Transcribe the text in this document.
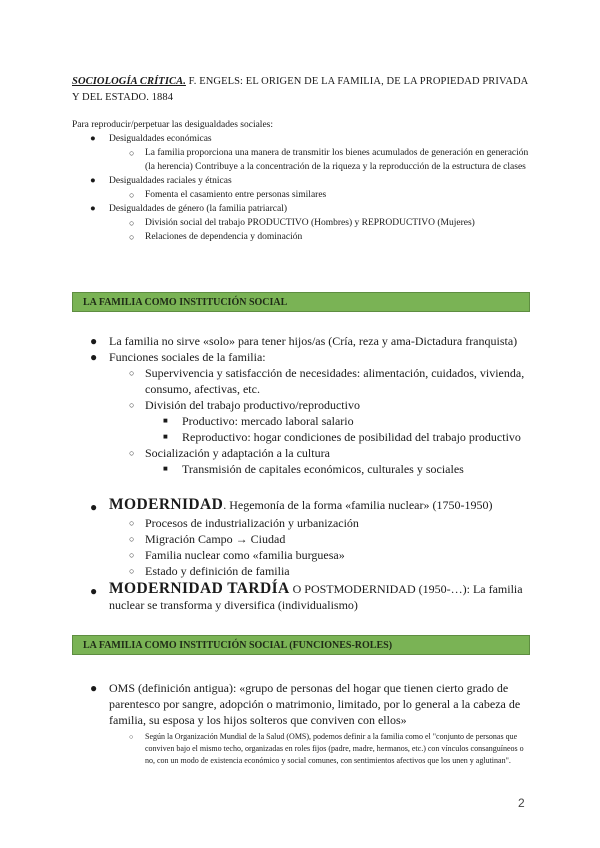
SOCIOLOGÍA CRÍTICA. F. ENGELS: EL ORIGEN DE LA FAMILIA, DE LA PROPIEDAD PRIVADA Y DEL ESTADO. 1884
Para reproducir/perpetuar las desigualdades sociales:
● Desigualdades económicas
○ La familia proporciona una manera de transmitir los bienes acumulados de generación en generación (la herencia) Contribuye a la concentración de la riqueza y la reproducción de la estructura de clases
● Desigualdades raciales y étnicas
○ Fomenta el casamiento entre personas similares
● Desigualdades de género (la familia patriarcal)
○ División social del trabajo PRODUCTIVO (Hombres) y REPRODUCTIVO (Mujeres)
○ Relaciones de dependencia y dominación
LA FAMILIA COMO INSTITUCIÓN SOCIAL
● La familia no sirve «solo» para tener hijos/as (Cría, reza y ama-Dictadura franquista)
● Funciones sociales de la familia:
○ Supervivencia y satisfacción de necesidades: alimentación, cuidados, vivienda, consumo, afectivas, etc.
○ División del trabajo productivo/reproductivo
■ Productivo: mercado laboral salario
■ Reproductivo: hogar condiciones de posibilidad del trabajo productivo
○ Socialización y adaptación a la cultura
■ Transmisión de capitales económicos, culturales y sociales
● MODERNIDAD. Hegemonía de la forma «familia nuclear» (1750-1950)
○ Procesos de industrialización y urbanización
○ Migración Campo → Ciudad
○ Familia nuclear como «familia burguesa»
○ Estado y definición de familia
● MODERNIDAD TARDÍA O POSTMODERNIDAD (1950-…): La familia nuclear se transforma y diversifica (individualismo)
LA FAMILIA COMO INSTITUCIÓN SOCIAL (FUNCIONES-ROLES)
● OMS (definición antigua): «grupo de personas del hogar que tienen cierto grado de parentesco por sangre, adopción o matrimonio, limitado, por lo general a la cabeza de familia, su esposa y los hijos solteros que conviven con ellos»
○ Según la Organización Mundial de la Salud (OMS), podemos definir a la familia como el "conjunto de personas que conviven bajo el mismo techo, organizadas en roles fijos (padre, madre, hermanos, etc.) con vínculos consanguíneos o no, con un modo de existencia económico y social comunes, con sentimientos afectivos que los unen y aglutinan".
2
